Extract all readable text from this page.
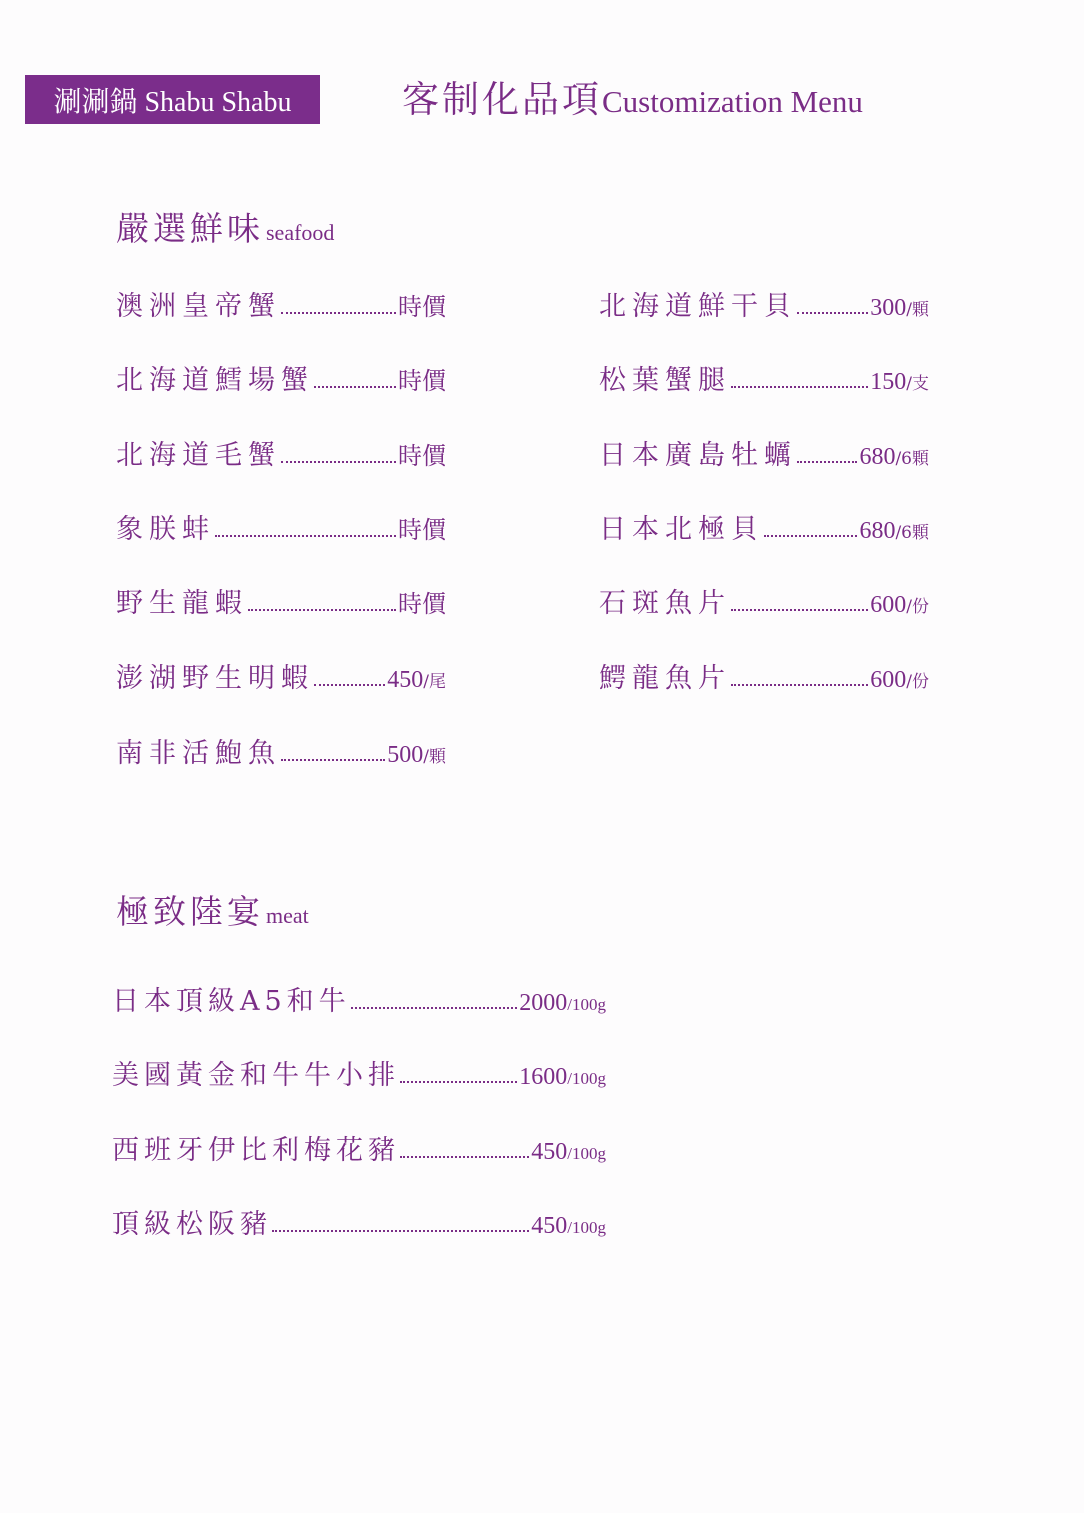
涮涮鍋 Shabu Shabu	客制化品項Customization Menu
嚴選鮮味seafood
澳洲皇帝蟹	時價
北海道鱈場蟹	時價
北海道毛蟹	時價
象朕蚌	時價
野生龍蝦	時價
澎湖野生明蝦	450/尾
南非活鮑魚	500/顆
北海道鮮干貝	300/顆
松葉蟹腿	150/支
日本廣島牡蠣	680/6顆
日本北極貝	680/6顆
石斑魚片	600/份
鰐龍魚片	600/份
極致陸宴meat
日本頂級A5和牛	2000/100g
美國黃金和牛牛小排	1600/100g
西班牙伊比利梅花豬	450/100g
頂級松阪豬	450/100g
